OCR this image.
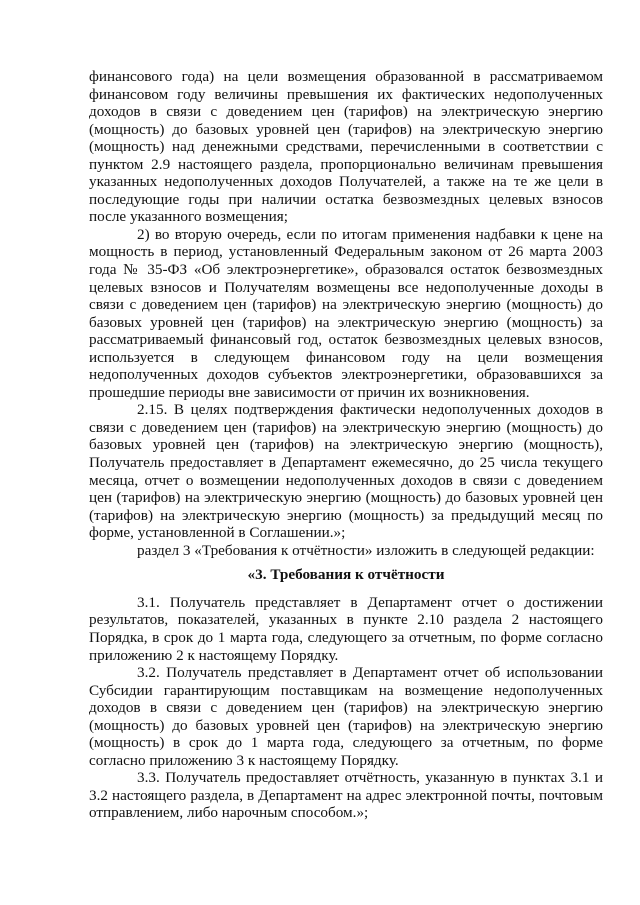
финансового года) на цели возмещения образованной в рассматриваемом финансовом году величины превышения их фактических недополученных доходов в связи с доведением цен (тарифов) на электрическую энергию (мощность) до базовых уровней цен (тарифов) на электрическую энергию (мощность) над денежными средствами, перечисленными в соответствии с пунктом 2.9 настоящего раздела, пропорционально величинам превышения указанных недополученных доходов Получателей, а также на те же цели в последующие годы при наличии остатка безвозмездных целевых взносов после указанного возмещения;

2) во вторую очередь, если по итогам применения надбавки к цене на мощность в период, установленный Федеральным законом от 26 марта 2003 года № 35-ФЗ «Об электроэнергетике», образовался остаток безвозмездных целевых взносов и Получателям возмещены все недополученные доходы в связи с доведением цен (тарифов) на электрическую энергию (мощность) до базовых уровней цен (тарифов) на электрическую энергию (мощность) за рассматриваемый финансовый год, остаток безвозмездных целевых взносов, используется в следующем финансовом году на цели возмещения недополученных доходов субъектов электроэнергетики, образовавшихся за прошедшие периоды вне зависимости от причин их возникновения.

2.15. В целях подтверждения фактически недополученных доходов в связи с доведением цен (тарифов) на электрическую энергию (мощность) до базовых уровней цен (тарифов) на электрическую энергию (мощность), Получатель предоставляет в Департамент ежемесячно, до 25 числа текущего месяца, отчет о возмещении недополученных доходов в связи с доведением цен (тарифов) на электрическую энергию (мощность) до базовых уровней цен (тарифов) на электрическую энергию (мощность) за предыдущий месяц по форме, установленной в Соглашении.»;

раздел 3 «Требования к отчётности» изложить в следующей редакции:

«3. Требования к отчётности

3.1. Получатель представляет в Департамент отчет о достижении результатов, показателей, указанных в пункте 2.10 раздела 2 настоящего Порядка, в срок до 1 марта года, следующего за отчетным, по форме согласно приложению 2 к настоящему Порядку.

3.2. Получатель представляет в Департамент отчет об использовании Субсидии гарантирующим поставщикам на возмещение недополученных доходов в связи с доведением цен (тарифов) на электрическую энергию (мощность) до базовых уровней цен (тарифов) на электрическую энергию (мощность) в срок до 1 марта года, следующего за отчетным, по форме согласно приложению 3 к настоящему Порядку.

3.3. Получатель предоставляет отчётность, указанную в пунктах 3.1 и 3.2 настоящего раздела, в Департамент на адрес электронной почты, почтовым отправлением, либо нарочным способом.»;
